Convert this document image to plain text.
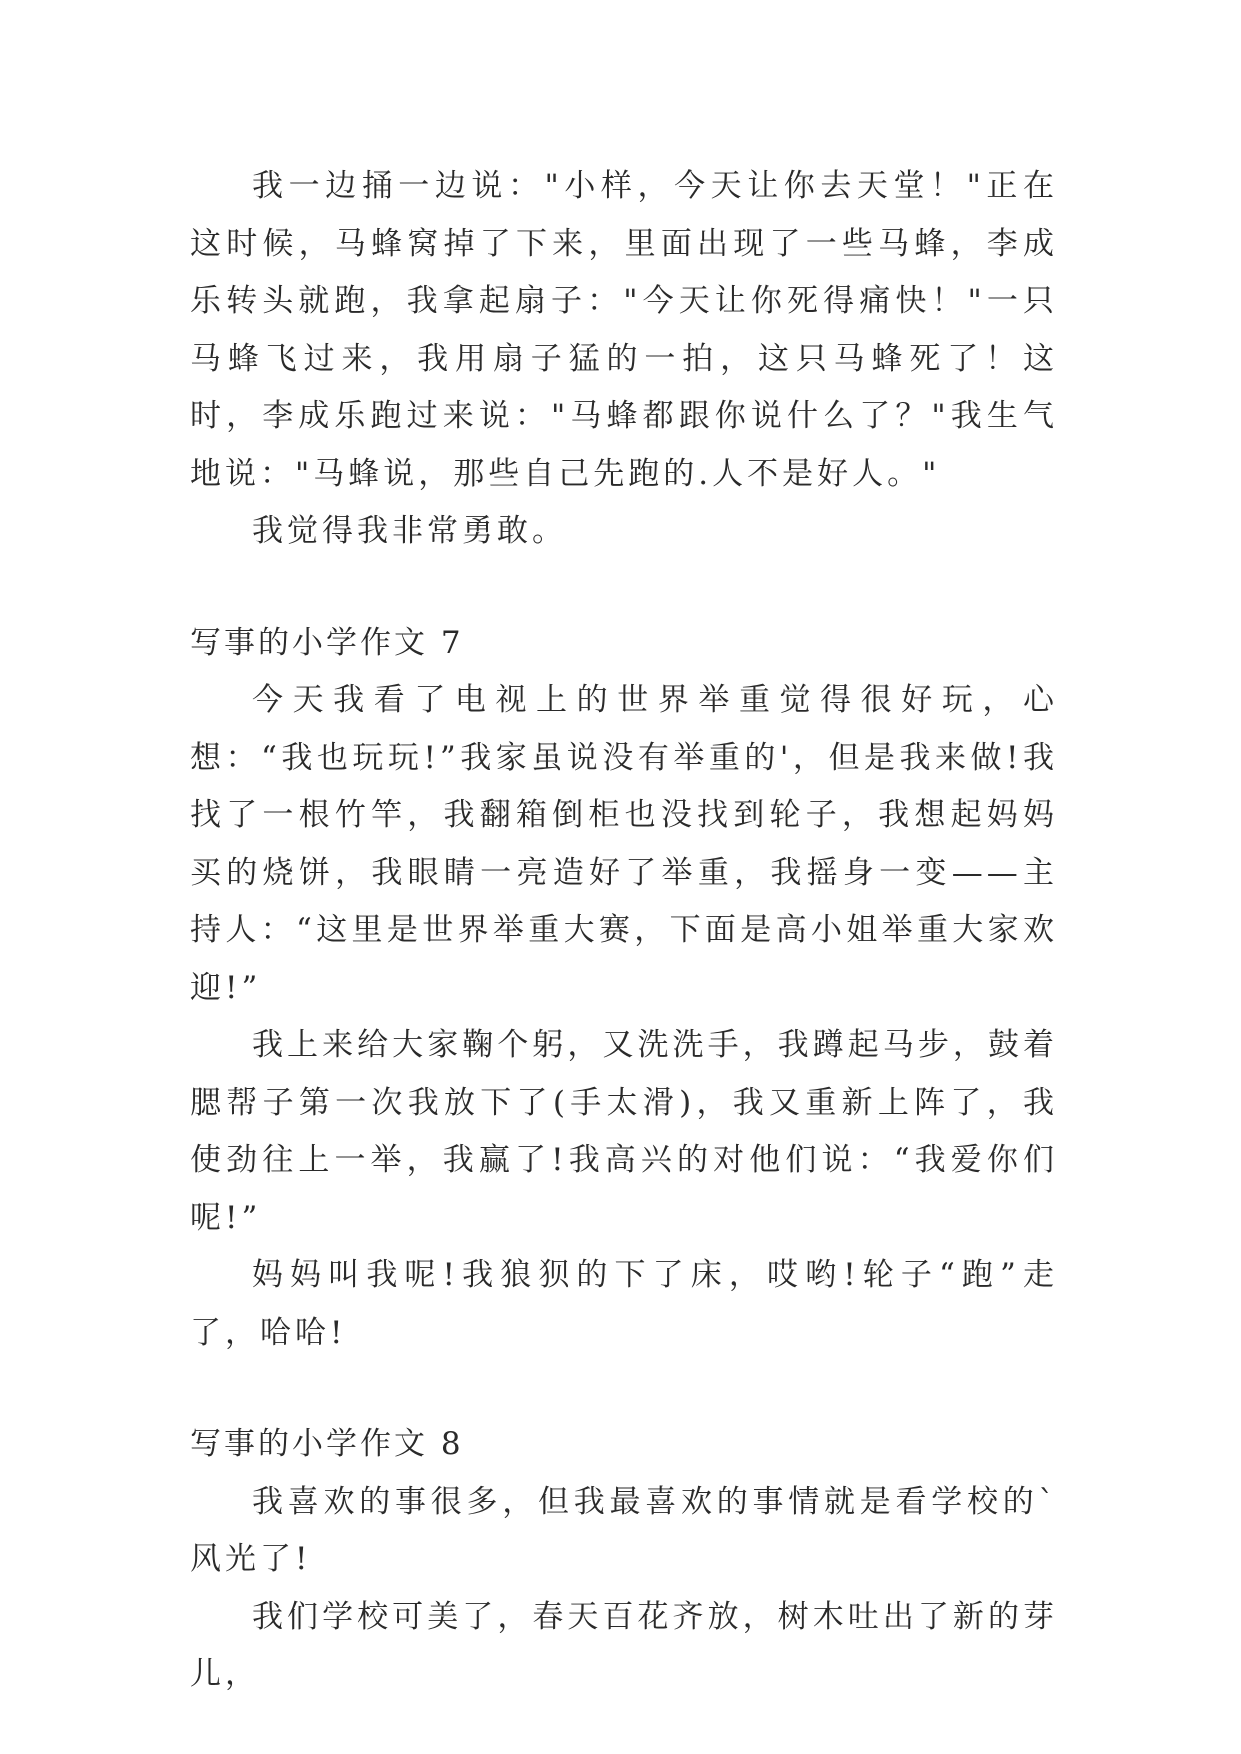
我一边捅一边说："小样，今天让你去天堂！"正在这时候，马蜂窝掉了下来，里面出现了一些马蜂，李成乐转头就跑，我拿起扇子："今天让你死得痛快！"一只马蜂飞过来，我用扇子猛的一拍，这只马蜂死了！这时，李成乐跑过来说："马蜂都跟你说什么了？"我生气地说："马蜂说，那些自己先跑的.人不是好人。"

我觉得我非常勇敢。

写事的小学作文 7

今天我看了电视上的世界举重觉得很好玩，心想：“我也玩玩!”我家虽说没有举重的'，但是我来做!我找了一根竹竿，我翻箱倒柜也没找到轮子，我想起妈妈买的烧饼，我眼睛一亮造好了举重，我摇身一变——主持人：“这里是世界举重大赛，下面是高小姐举重大家欢迎!”

我上来给大家鞠个躬，又洗洗手，我蹲起马步，鼓着腮帮子第一次我放下了(手太滑)，我又重新上阵了，我使劲往上一举，我赢了!我高兴的对他们说：“我爱你们呢!”

妈妈叫我呢!我狼狈的下了床，哎哟!轮子“跑”走了，哈哈!

写事的小学作文 8

我喜欢的事很多，但我最喜欢的事情就是看学校的`风光了!

我们学校可美了，春天百花齐放，树木吐出了新的芽儿，
